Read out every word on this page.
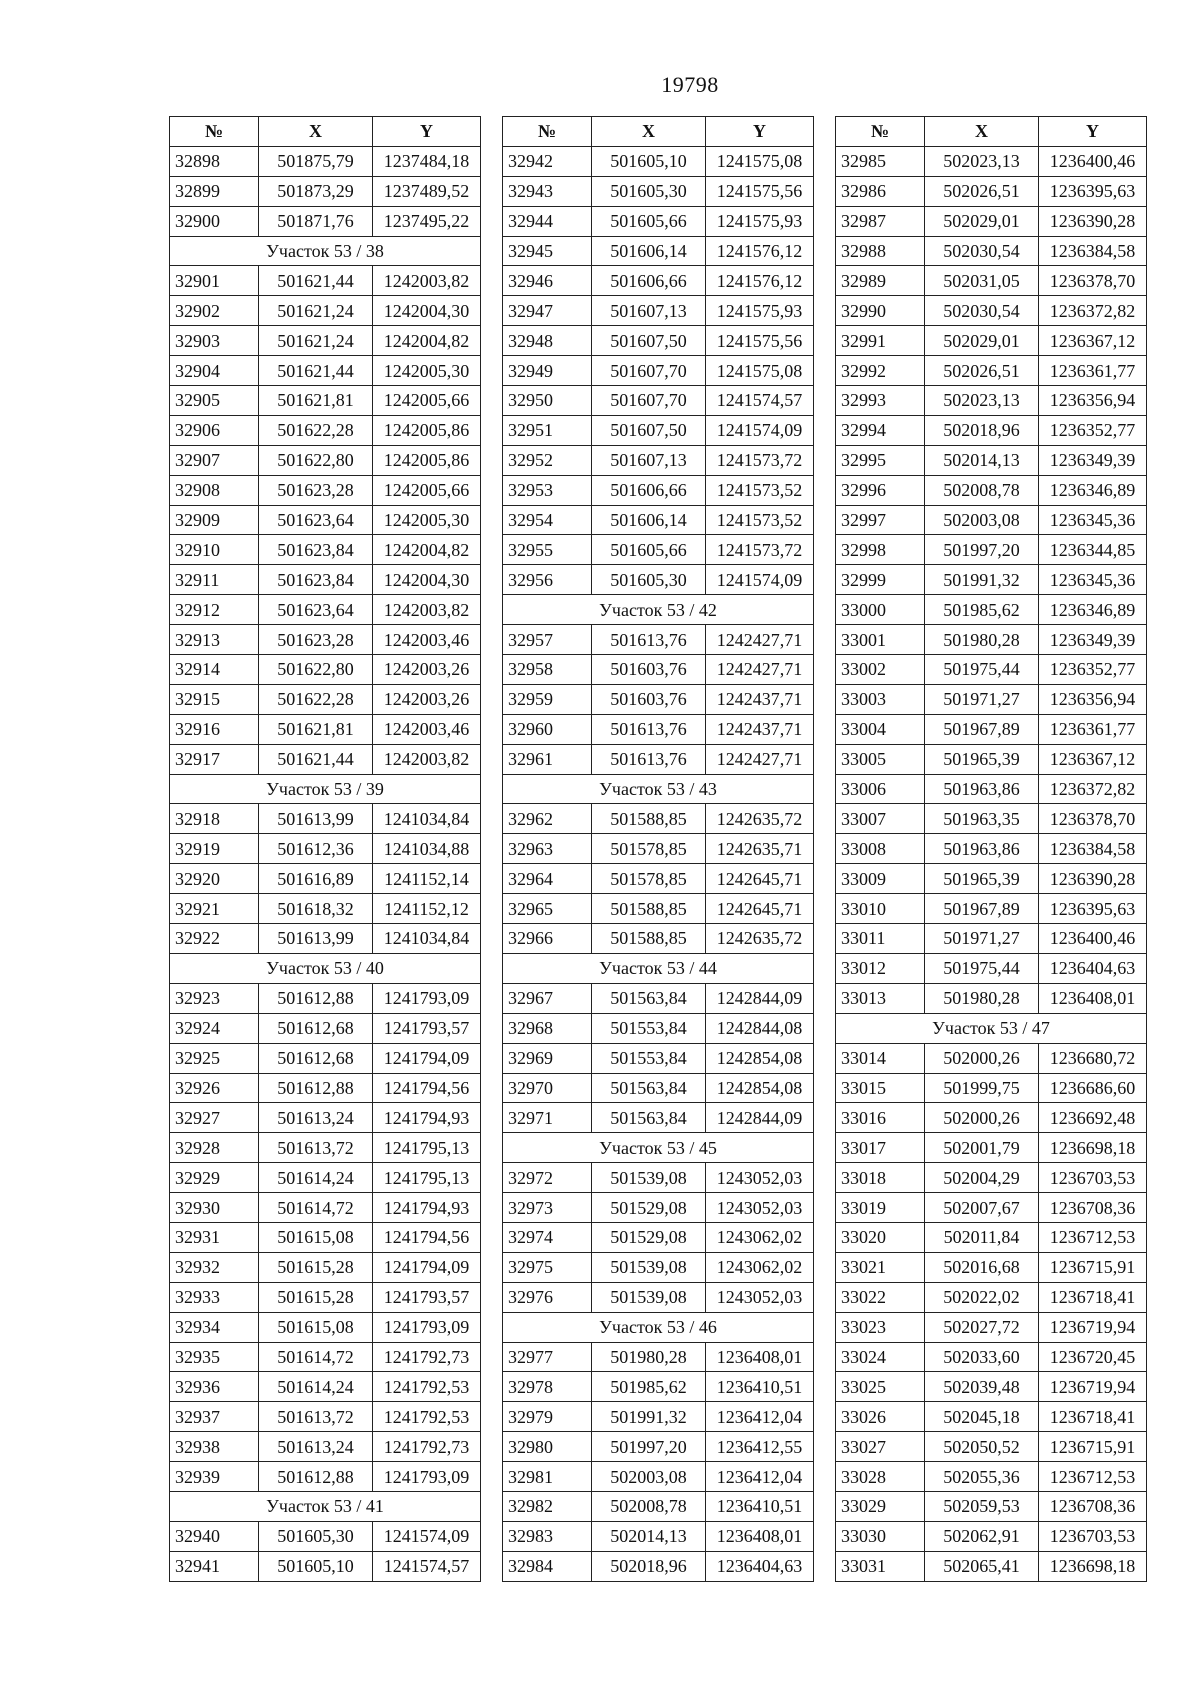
19798
№	X	Y
32898	501875,79	1237484,18
32899	501873,29	1237489,52
32900	501871,76	1237495,22
Участок 53 / 38		
32901	501621,44	1242003,82
32902	501621,24	1242004,30
32903	501621,24	1242004,82
32904	501621,44	1242005,30
32905	501621,81	1242005,66
32906	501622,28	1242005,86
32907	501622,80	1242005,86
32908	501623,28	1242005,66
32909	501623,64	1242005,30
32910	501623,84	1242004,82
32911	501623,84	1242004,30
32912	501623,64	1242003,82
32913	501623,28	1242003,46
32914	501622,80	1242003,26
32915	501622,28	1242003,26
32916	501621,81	1242003,46
32917	501621,44	1242003,82
Участок 53 / 39		
32918	501613,99	1241034,84
32919	501612,36	1241034,88
32920	501616,89	1241152,14
32921	501618,32	1241152,12
32922	501613,99	1241034,84
Участок 53 / 40		
32923	501612,88	1241793,09
32924	501612,68	1241793,57
32925	501612,68	1241794,09
32926	501612,88	1241794,56
32927	501613,24	1241794,93
32928	501613,72	1241795,13
32929	501614,24	1241795,13
32930	501614,72	1241794,93
32931	501615,08	1241794,56
32932	501615,28	1241794,09
32933	501615,28	1241793,57
32934	501615,08	1241793,09
32935	501614,72	1241792,73
32936	501614,24	1241792,53
32937	501613,72	1241792,53
32938	501613,24	1241792,73
32939	501612,88	1241793,09
Участок 53 / 41		
32940	501605,30	1241574,09
32941	501605,10	1241574,57
№	X	Y
32942	501605,10	1241575,08
32943	501605,30	1241575,56
32944	501605,66	1241575,93
32945	501606,14	1241576,12
32946	501606,66	1241576,12
32947	501607,13	1241575,93
32948	501607,50	1241575,56
32949	501607,70	1241575,08
32950	501607,70	1241574,57
32951	501607,50	1241574,09
32952	501607,13	1241573,72
32953	501606,66	1241573,52
32954	501606,14	1241573,52
32955	501605,66	1241573,72
32956	501605,30	1241574,09
Участок 53 / 42		
32957	501613,76	1242427,71
32958	501603,76	1242427,71
32959	501603,76	1242437,71
32960	501613,76	1242437,71
32961	501613,76	1242427,71
Участок 53 / 43		
32962	501588,85	1242635,72
32963	501578,85	1242635,71
32964	501578,85	1242645,71
32965	501588,85	1242645,71
32966	501588,85	1242635,72
Участок 53 / 44		
32967	501563,84	1242844,09
32968	501553,84	1242844,08
32969	501553,84	1242854,08
32970	501563,84	1242854,08
32971	501563,84	1242844,09
Участок 53 / 45		
32972	501539,08	1243052,03
32973	501529,08	1243052,03
32974	501529,08	1243062,02
32975	501539,08	1243062,02
32976	501539,08	1243052,03
Участок 53 / 46		
32977	501980,28	1236408,01
32978	501985,62	1236410,51
32979	501991,32	1236412,04
32980	501997,20	1236412,55
32981	502003,08	1236412,04
32982	502008,78	1236410,51
32983	502014,13	1236408,01
32984	502018,96	1236404,63
№	X	Y
32985	502023,13	1236400,46
32986	502026,51	1236395,63
32987	502029,01	1236390,28
32988	502030,54	1236384,58
32989	502031,05	1236378,70
32990	502030,54	1236372,82
32991	502029,01	1236367,12
32992	502026,51	1236361,77
32993	502023,13	1236356,94
32994	502018,96	1236352,77
32995	502014,13	1236349,39
32996	502008,78	1236346,89
32997	502003,08	1236345,36
32998	501997,20	1236344,85
32999	501991,32	1236345,36
33000	501985,62	1236346,89
33001	501980,28	1236349,39
33002	501975,44	1236352,77
33003	501971,27	1236356,94
33004	501967,89	1236361,77
33005	501965,39	1236367,12
33006	501963,86	1236372,82
33007	501963,35	1236378,70
33008	501963,86	1236384,58
33009	501965,39	1236390,28
33010	501967,89	1236395,63
33011	501971,27	1236400,46
33012	501975,44	1236404,63
33013	501980,28	1236408,01
Участок 53 / 47		
33014	502000,26	1236680,72
33015	501999,75	1236686,60
33016	502000,26	1236692,48
33017	502001,79	1236698,18
33018	502004,29	1236703,53
33019	502007,67	1236708,36
33020	502011,84	1236712,53
33021	502016,68	1236715,91
33022	502022,02	1236718,41
33023	502027,72	1236719,94
33024	502033,60	1236720,45
33025	502039,48	1236719,94
33026	502045,18	1236718,41
33027	502050,52	1236715,91
33028	502055,36	1236712,53
33029	502059,53	1236708,36
33030	502062,91	1236703,53
33031	502065,41	1236698,18
